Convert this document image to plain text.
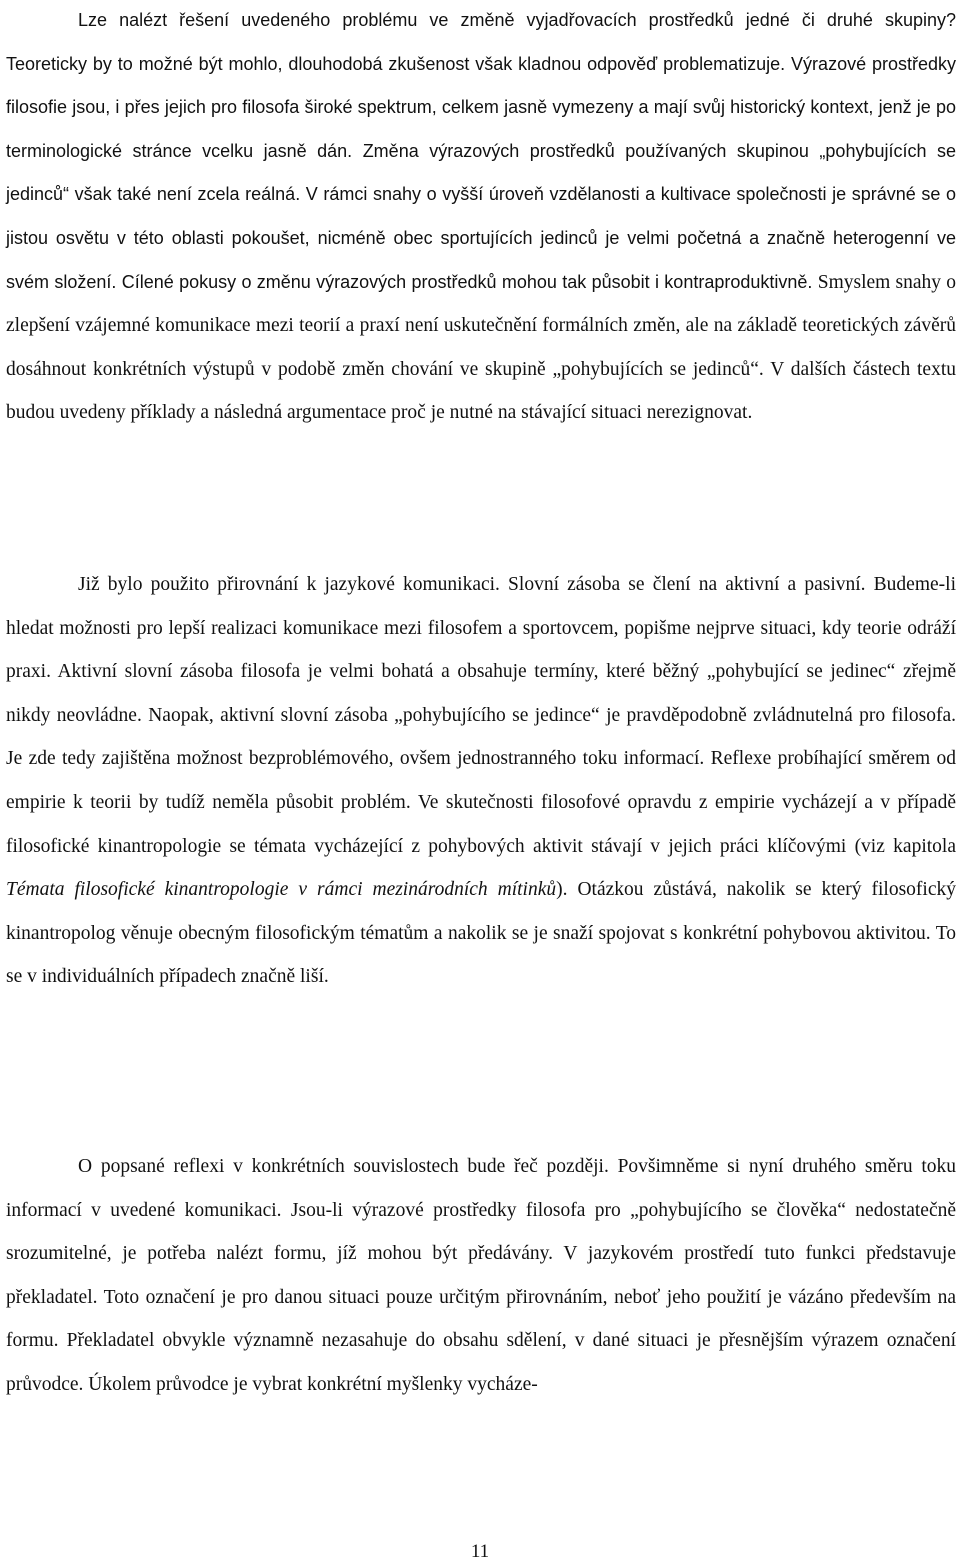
Lze nalézt řešení uvedeného problému ve změně vyjadřovacích prostředků jedné či druhé skupiny? Teoreticky by to možné být mohlo, dlouhodobá zkušenost však kladnou odpověď problematizuje. Výrazové prostředky filosofie jsou, i přes jejich pro filosofa široké spektrum, celkem jasně vymezeny a mají svůj historický kontext, jenž je po terminologické stránce vcelku jasně dán. Změna výrazových prostředků používaných skupinou „pohybujících se jedinců“ však také není zcela reálná. V rámci snahy o vyšší úroveň vzdělanosti a kultivace společnosti je správné se o jistou osvětu v této oblasti pokoušet, nicméně obec sportujících jedinců je velmi početná a značně heterogenní ve svém složení. Cílené pokusy o změnu výrazových prostředků mohou tak působit i kontraproduktivně. Smyslem snahy o zlepšení vzájemné komunikace mezi teorií a praxí není uskutečnění formálních změn, ale na základě teoretických závěrů dosáhnout konkrétních výstupů v podobě změn chování ve skupině „pohybujících se jedinců“. V dalších částech textu budou uvedeny příklady a následná argumentace proč je nutné na stávající situaci nerezignovat.

Již bylo použito přirovnání k jazykové komunikaci. Slovní zásoba se člení na aktivní a pasivní. Budeme-li hledat možnosti pro lepší realizaci komunikace mezi filosofem a sportovcem, popišme nejprve situaci, kdy teorie odráží praxi. Aktivní slovní zásoba filosofa je velmi bohatá a obsahuje termíny, které běžný „pohybující se jedinec“ zřejmě nikdy neovládne. Naopak, aktivní slovní zásoba „pohybujícího se jedince“ je pravděpodobně zvládnutelná pro filosofa. Je zde tedy zajištěna možnost bezproblémového, ovšem jednostranného toku informací. Reflexe probíhající směrem od empirie k teorii by tudíž neměla působit problém. Ve skutečnosti filosofové opravdu z empirie vycházejí a v případě filosofické kinantropologie se témata vycházející z pohybových aktivit stávají v jejich práci klíčovými (viz kapitola Témata filosofické kinantropologie v rámci mezinárodních mítinků). Otázkou zůstává, nakolik se který filosofický kinantropolog věnuje obecným filosofickým tématům a nakolik se je snaží spojovat s konkrétní pohybovou aktivitou. To se v individuálních případech značně liší.

O popsané reflexi v konkrétních souvislostech bude řeč později. Povšimněme si nyní druhého směru toku informací v uvedené komunikaci. Jsou-li výrazové prostředky filosofa pro „pohybujícího se člověka“ nedostatečně srozumitelné, je potřeba nalézt formu, jíž mohou být předávány. V jazykovém prostředí tuto funkci představuje překladatel. Toto označení je pro danou situaci pouze určitým přirovnáním, neboť jeho použití je vázáno především na formu. Překladatel obvykle významně nezasahuje do obsahu sdělení, v dané situaci je přesnějším výrazem označení průvodce. Úkolem průvodce je vybrat konkrétní myšlenky vycháze-

11
